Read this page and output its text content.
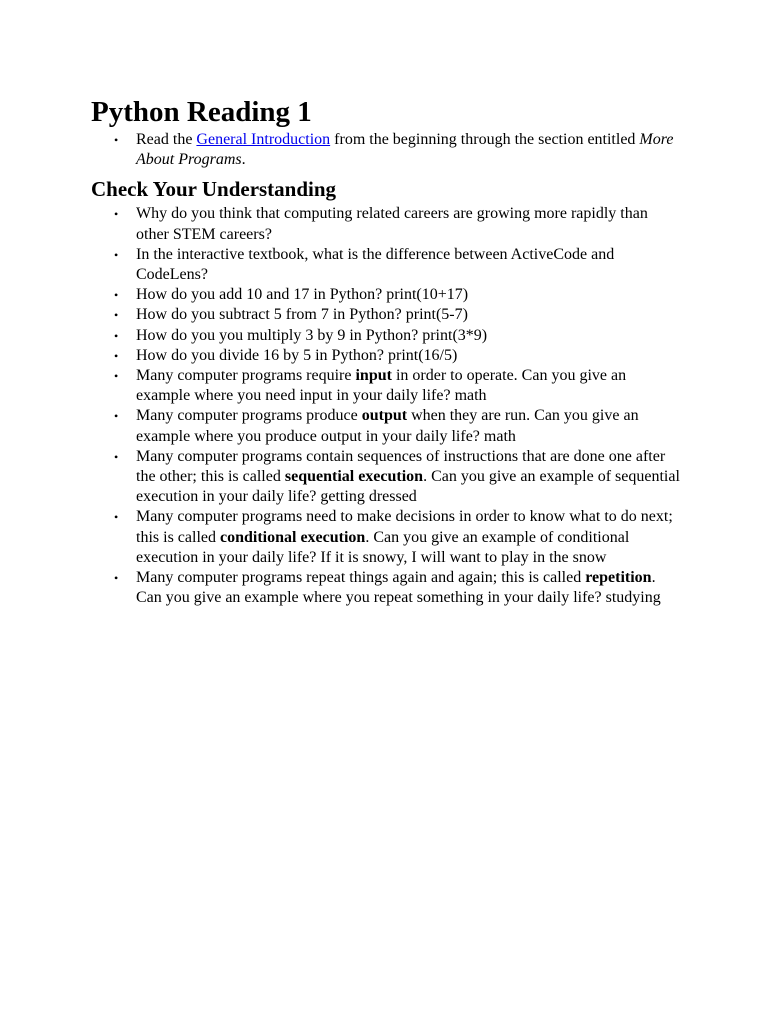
Python Reading 1
• Read the General Introduction from the beginning through the section entitled More About Programs.
Check Your Understanding
• Why do you think that computing related careers are growing more rapidly than other STEM careers?
• In the interactive textbook, what is the difference between ActiveCode and CodeLens?
• How do you add 10 and 17 in Python? print(10+17)
• How do you subtract 5 from 7 in Python? print(5-7)
• How do you you multiply 3 by 9 in Python? print(3*9)
• How do you divide 16 by 5 in Python? print(16/5)
• Many computer programs require input in order to operate. Can you give an example where you need input in your daily life? math
• Many computer programs produce output when they are run. Can you give an example where you produce output in your daily life? math
• Many computer programs contain sequences of instructions that are done one after the other; this is called sequential execution. Can you give an example of sequential execution in your daily life? getting dressed
• Many computer programs need to make decisions in order to know what to do next; this is called conditional execution. Can you give an example of conditional execution in your daily life? If it is snowy, I will want to play in the snow
• Many computer programs repeat things again and again; this is called repetition. Can you give an example where you repeat something in your daily life? studying
